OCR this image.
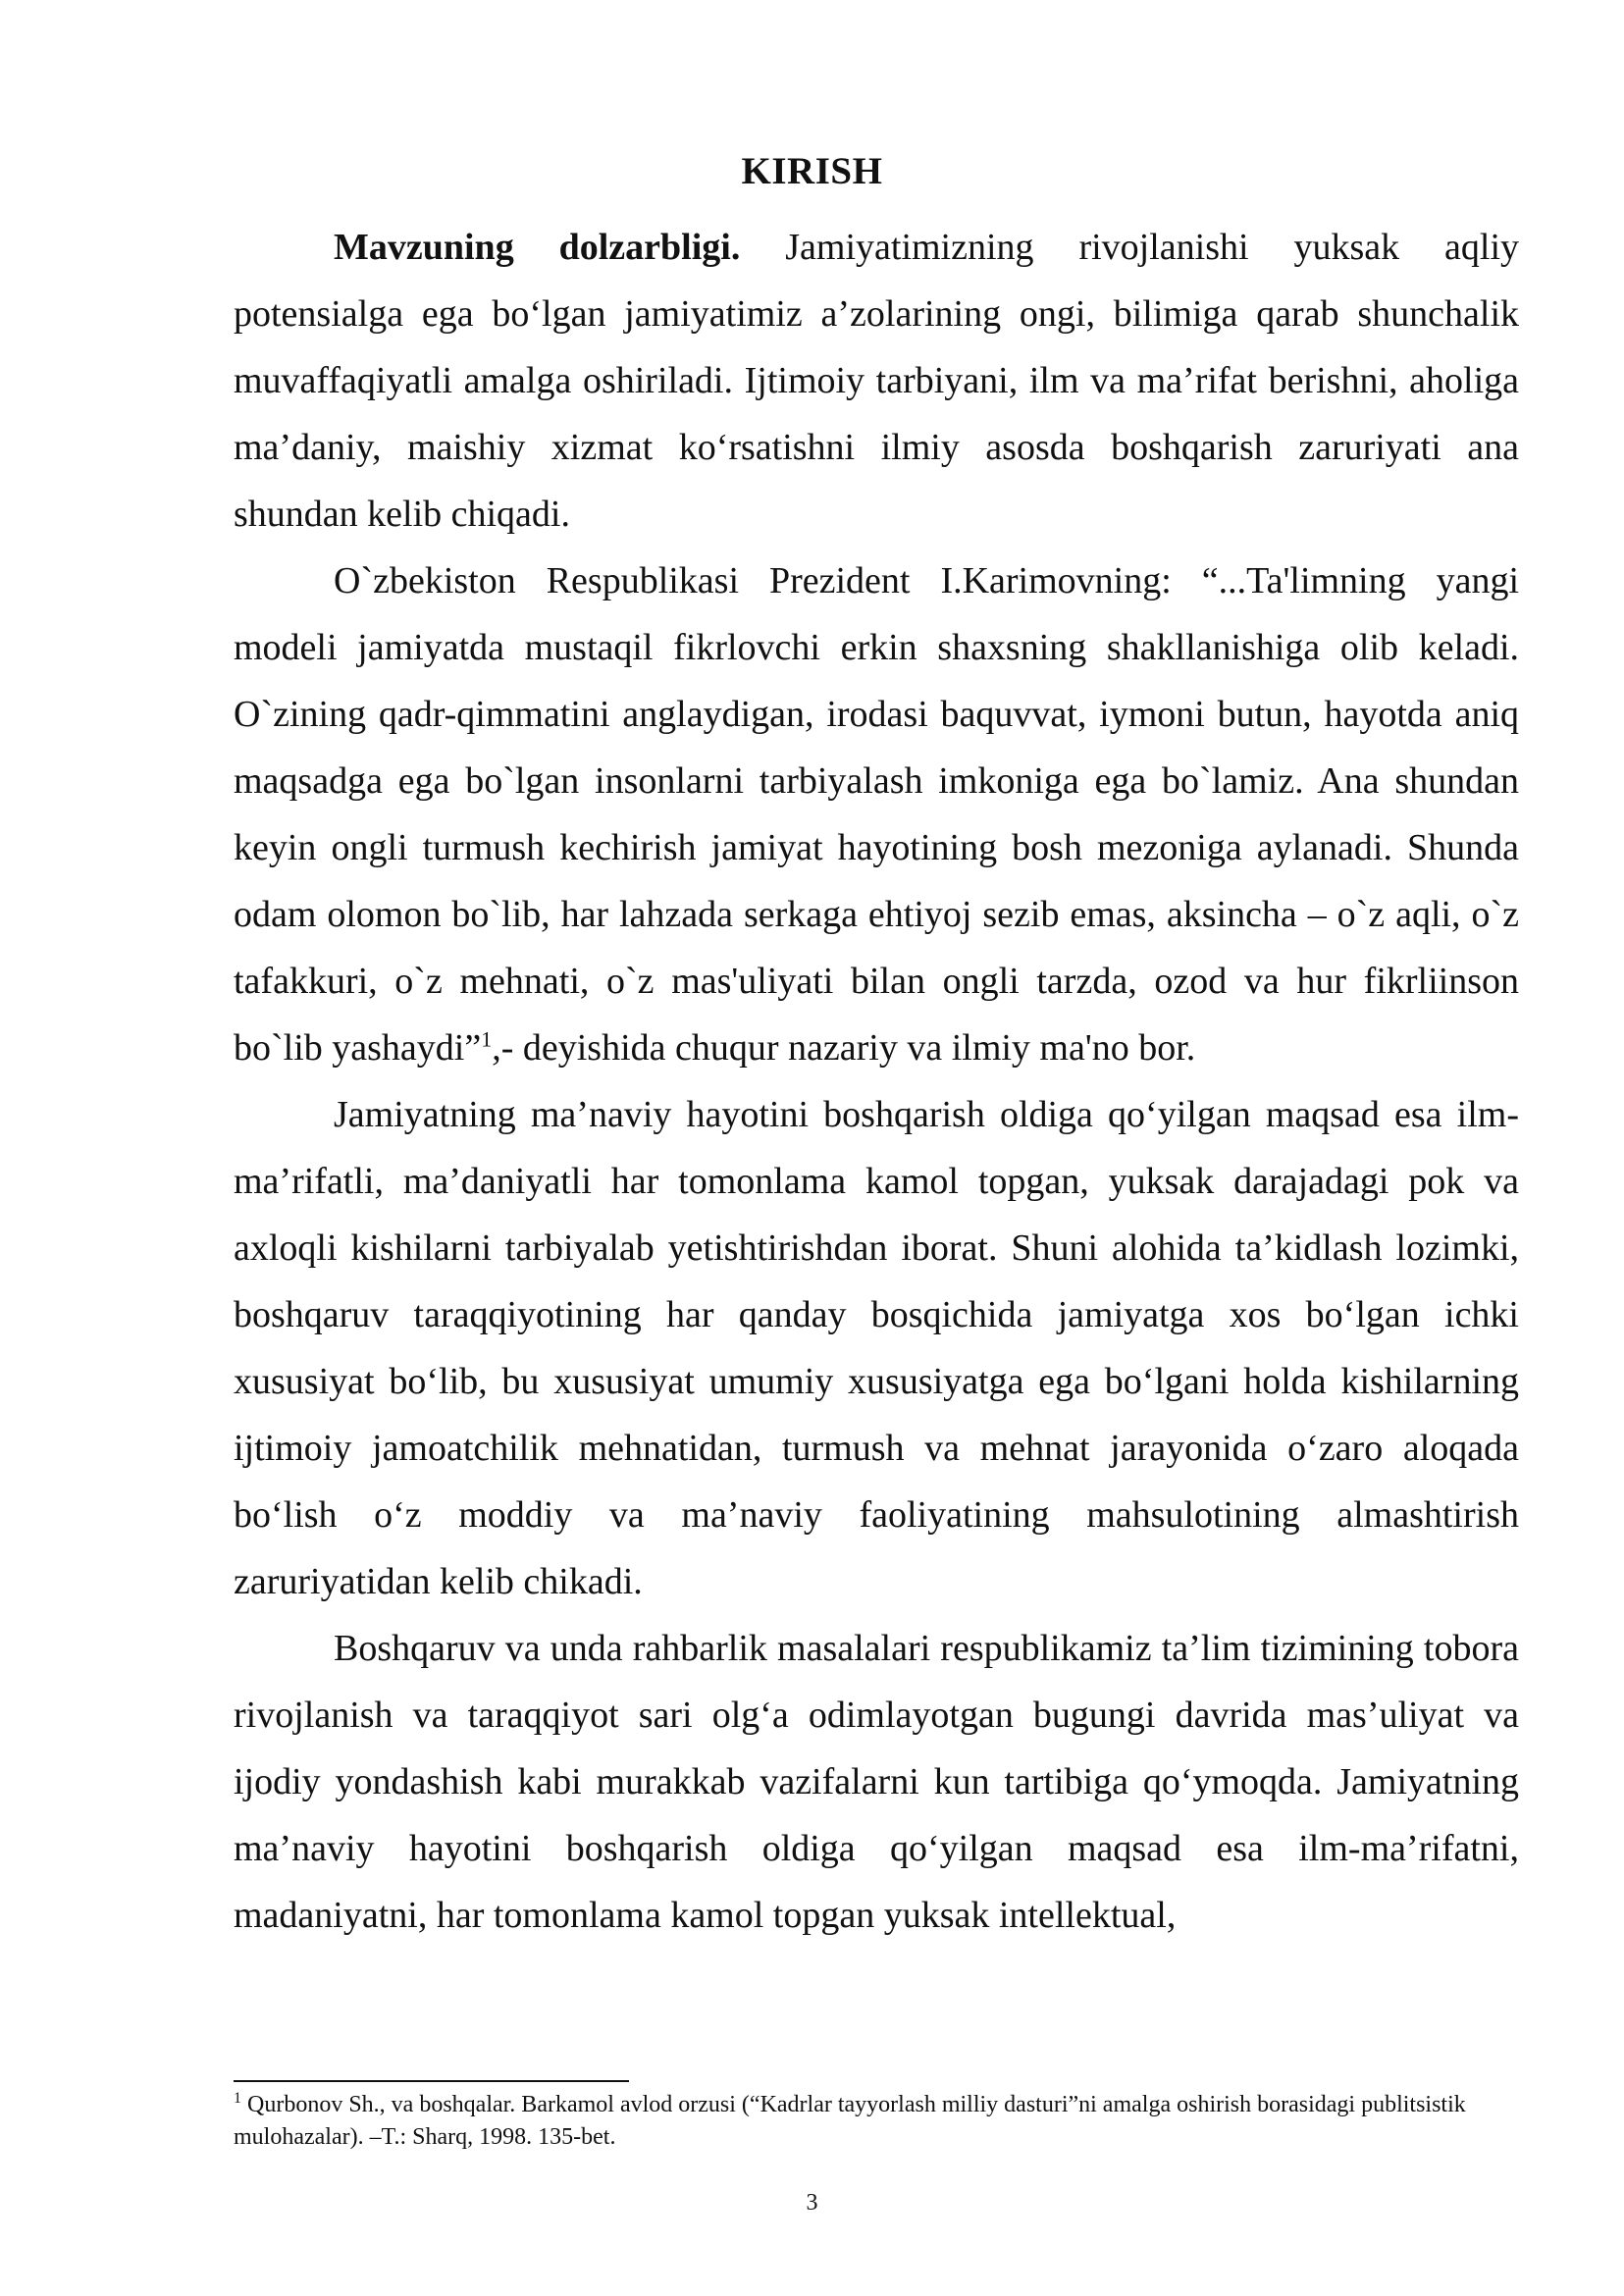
KIRISH

Mavzuning dolzarbligi. Jamiyatimizning rivojlanishi yuksak aqliy potensialga ega bo‘lgan jamiyatimiz a’zolarining ongi, bilimiga qarab shunchalik muvaffaqiyatli amalga oshiriladi. Ijtimoiy tarbiyani, ilm va ma’rifat berishni, aholiga ma’daniy, maishiy xizmat ko‘rsatishni ilmiy asosda boshqarish zaruriyati ana shundan kelib chiqadi.

O`zbekiston Respublikasi Prezident I.Karimovning: “...Ta'limning yangi modeli jamiyatda mustaqil fikrlovchi erkin shaxsning shakllanishiga olib keladi. O`zining qadr-qimmatini anglaydigan, irodasi baquvvat, iymoni butun, hayotda aniq maqsadga ega bo`lgan insonlarni tarbiyalash imkoniga ega bo`lamiz. Ana shundan keyin ongli turmush kechirish jamiyat hayotining bosh mezoniga aylanadi. Shunda odam olomon bo`lib, har lahzada serkaga ehtiyoj sezib emas, aksincha – o`z aqli, o`z tafakkuri, o`z mehnati, o`z mas'uliyati bilan ongli tarzda, ozod va hur fikrliinson bo`lib yashaydi”$^1$,- deyishida chuqur nazariy va ilmiy ma'no bor.

Jamiyatning ma’naviy hayotini boshqarish oldiga qo‘yilgan maqsad esa ilm-ma’rifatli, ma’daniyatli har tomonlama kamol topgan, yuksak darajadagi pok va axloqli kishilarni tarbiyalab yetishtirishdan iborat. Shuni alohida ta’kidlash lozimki, boshqaruv taraqqiyotining har qanday bosqichida jamiyatga xos bo‘lgan ichki xususiyat bo‘lib, bu xususiyat umumiy xususiyatga ega bo‘lgani holda kishilarning ijtimoiy jamoatchilik mehnatidan, turmush va mehnat jarayonida o‘zaro aloqada bo‘lish o‘z moddiy va ma’naviy faoliyatining mahsulotining almashtirish zaruriyatidan kelib chikadi.

Boshqaruv va unda rahbarlik masalalari respublikamiz ta’lim tizimining tobora rivojlanish va taraqqiyot sari olg‘a odimlayotgan bugungi davrida mas’uliyat va ijodiy yondashish kabi murakkab vazifalarni kun tartibiga qo‘ymoqda. Jamiyatning ma’naviy hayotini boshqarish oldiga qo‘yilgan maqsad esa ilm-ma’rifatni, madaniyatni, har tomonlama kamol topgan yuksak intellektual,

$^1$ Qurbonov Sh., va boshqalar. Barkamol avlod orzusi (“Kadrlar tayyorlash milliy dasturi”ni amalga oshirish borasidagi publitsistik mulohazalar). –T.: Sharq, 1998. 135-bet.

3
